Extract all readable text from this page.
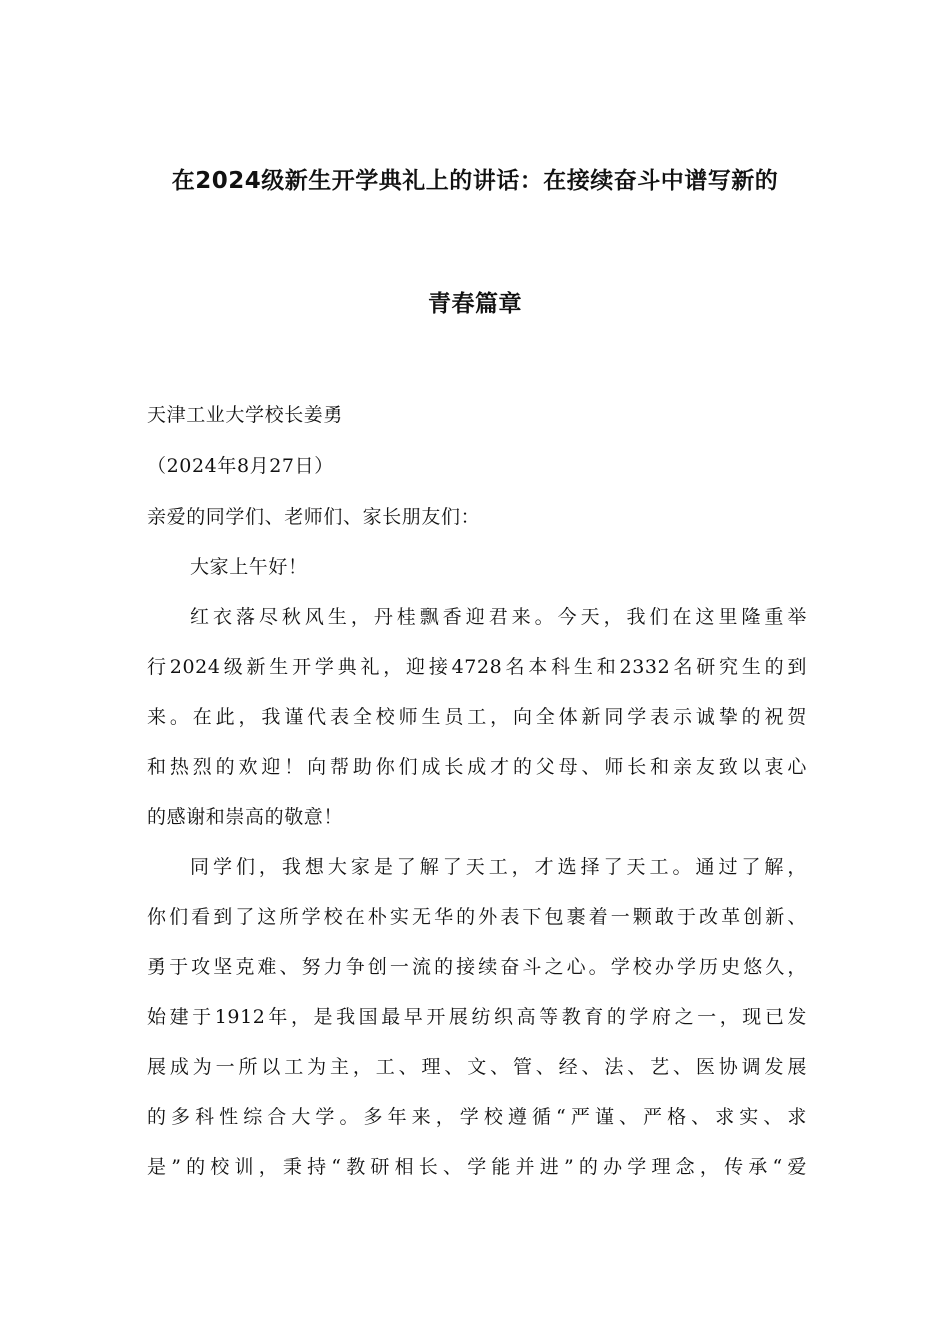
在2024级新生开学典礼上的讲话：在接续奋斗中谱写新的
青春篇章
天津工业大学校长姜勇
（2024年8月27日）
亲爱的同学们、老师们、家长朋友们：
大家上午好！
红衣落尽秋风生，丹桂飘香迎君来。今天，我们在这里隆重举
行2024级新生开学典礼，迎接4728名本科生和2332名研究生的到
来。在此，我谨代表全校师生员工，向全体新同学表示诚挚的祝贺
和热烈的欢迎！向帮助你们成长成才的父母、师长和亲友致以衷心
的感谢和崇高的敬意！
同学们，我想大家是了解了天工，才选择了天工。通过了解，
你们看到了这所学校在朴实无华的外表下包裹着一颗敢于改革创新、
勇于攻坚克难、努力争创一流的接续奋斗之心。学校办学历史悠久，
始建于1912年，是我国最早开展纺织高等教育的学府之一，现已发
展成为一所以工为主，工、理、文、管、经、法、艺、医协调发展
的多科性综合大学。多年来，学校遵循“严谨、严格、求实、求
是”的校训，秉持“教研相长、学能并进”的办学理念，传承“爱
